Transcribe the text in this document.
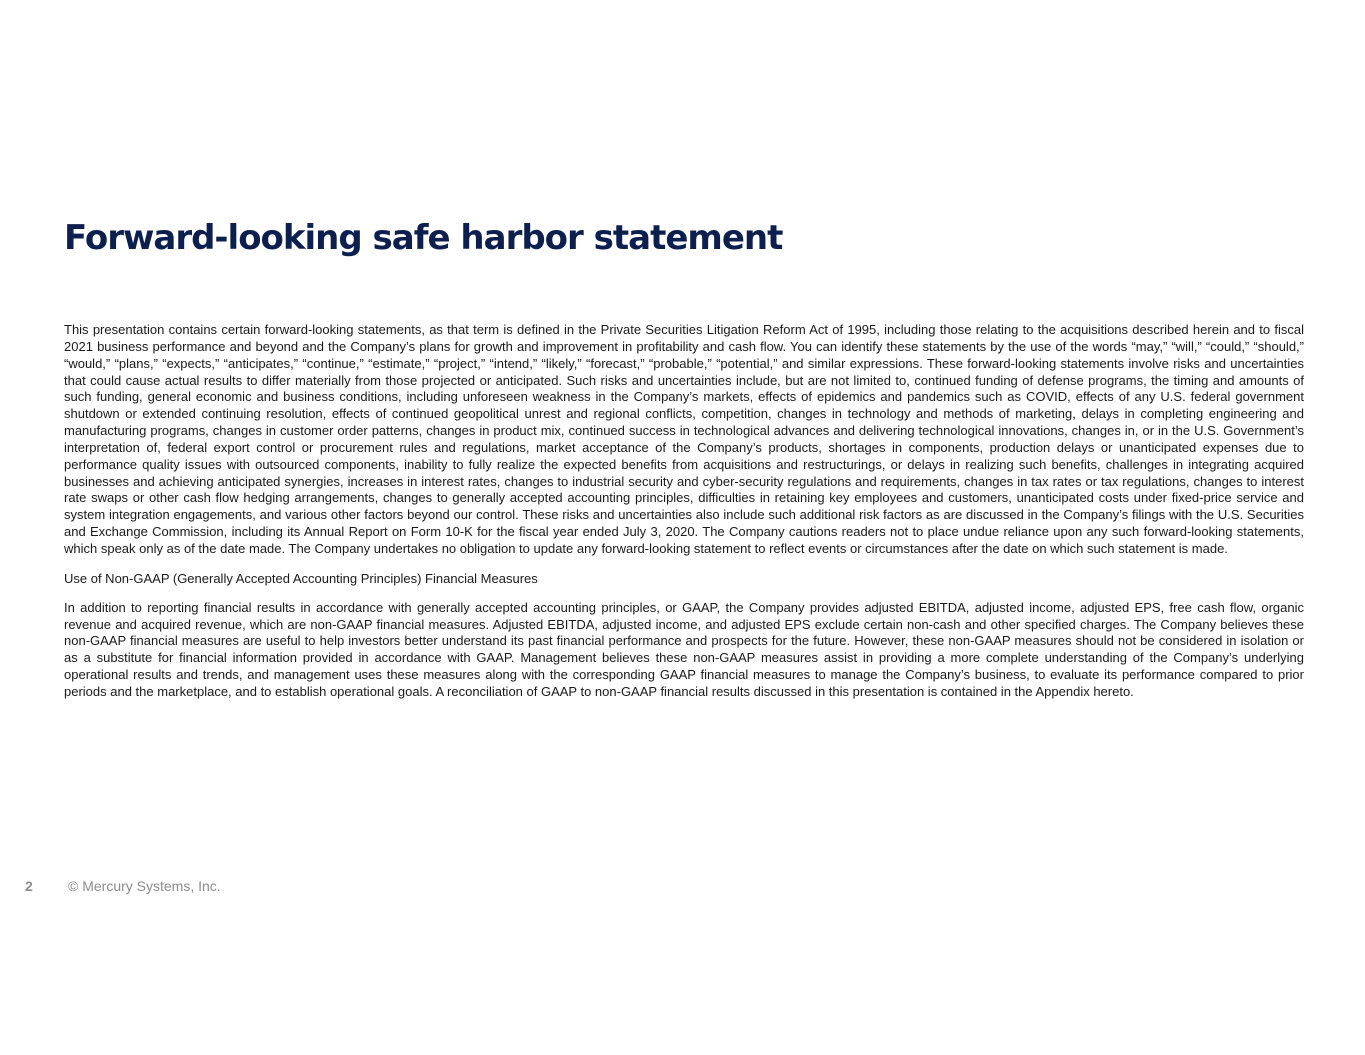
Forward-looking safe harbor statement

This presentation contains certain forward-looking statements, as that term is defined in the Private Securities Litigation Reform Act of 1995, including those relating to the acquisitions described herein and to fiscal 2021 business performance and beyond and the Company’s plans for growth and improvement in profitability and cash flow. You can identify these statements by the use of the words “may,” “will,” “could,” “should,” “would,” “plans,” “expects,” “anticipates,” “continue,” “estimate,” “project,” “intend,” “likely,” “forecast,” “probable,” “potential,” and similar expressions. These forward-looking statements involve risks and uncertainties that could cause actual results to differ materially from those projected or anticipated. Such risks and uncertainties include, but are not limited to, continued funding of defense programs, the timing and amounts of such funding, general economic and business conditions, including unforeseen weakness in the Company’s markets, effects of epidemics and pandemics such as COVID, effects of any U.S. federal government shutdown or extended continuing resolution, effects of continued geopolitical unrest and regional conflicts, competition, changes in technology and methods of marketing, delays in completing engineering and manufacturing programs, changes in customer order patterns, changes in product mix, continued success in technological advances and delivering technological innovations, changes in, or in the U.S. Government’s interpretation of, federal export control or procurement rules and regulations, market acceptance of the Company’s products, shortages in components, production delays or unanticipated expenses due to performance quality issues with outsourced components, inability to fully realize the expected benefits from acquisitions and restructurings, or delays in realizing such benefits, challenges in integrating acquired businesses and achieving anticipated synergies, increases in interest rates, changes to industrial security and cyber-security regulations and requirements, changes in tax rates or tax regulations, changes to interest rate swaps or other cash flow hedging arrangements, changes to generally accepted accounting principles, difficulties in retaining key employees and customers, unanticipated costs under fixed-price service and system integration engagements, and various other factors beyond our control. These risks and uncertainties also include such additional risk factors as are discussed in the Company’s filings with the U.S. Securities and Exchange Commission, including its Annual Report on Form 10-K for the fiscal year ended July 3, 2020. The Company cautions readers not to place undue reliance upon any such forward-looking statements, which speak only as of the date made. The Company undertakes no obligation to update any forward-looking statement to reflect events or circumstances after the date on which such statement is made.

Use of Non-GAAP (Generally Accepted Accounting Principles) Financial Measures

In addition to reporting financial results in accordance with generally accepted accounting principles, or GAAP, the Company provides adjusted EBITDA, adjusted income, adjusted EPS, free cash flow, organic revenue and acquired revenue, which are non-GAAP financial measures. Adjusted EBITDA, adjusted income, and adjusted EPS exclude certain non-cash and other specified charges. The Company believes these non-GAAP financial measures are useful to help investors better understand its past financial performance and prospects for the future. However, these non-GAAP measures should not be considered in isolation or as a substitute for financial information provided in accordance with GAAP. Management believes these non-GAAP measures assist in providing a more complete understanding of the Company’s underlying operational results and trends, and management uses these measures along with the corresponding GAAP financial measures to manage the Company’s business, to evaluate its performance compared to prior periods and the marketplace, and to establish operational goals. A reconciliation of GAAP to non-GAAP financial results discussed in this presentation is contained in the Appendix hereto.

2	© Mercury Systems, Inc.
